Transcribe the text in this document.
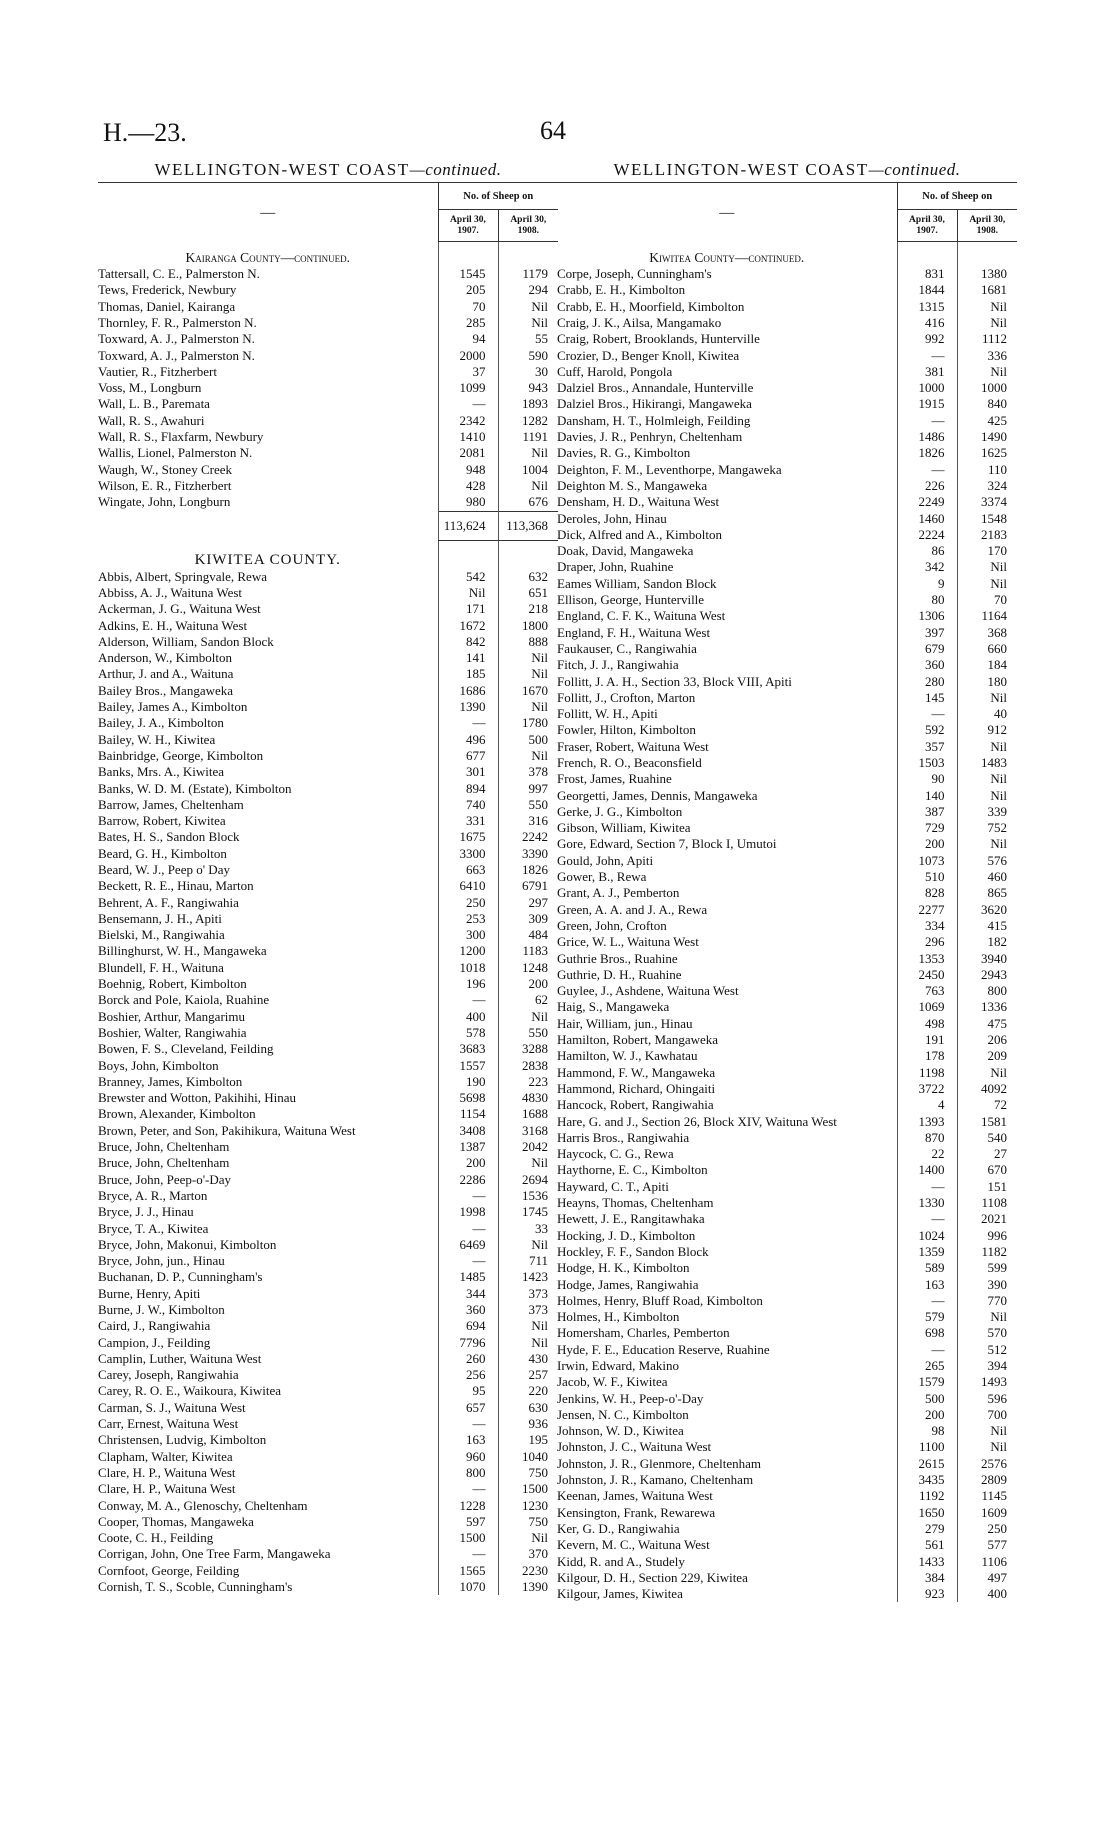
H.—23.	64
WELLINGTON-WEST COAST—continued.
—	No. of Sheep on	
	April 30, 1907.	April 30, 1908.
Kairanga County—continued.		
Tattersall, C. E., Palmerston N.	1545	1179
Tews, Frederick, Newbury	205	294
Thomas, Daniel, Kairanga	70	Nil
Thornley, F. R., Palmerston N.	285	Nil
Toxward, A. J., Palmerston N.	94	55
Toxward, A. J., Palmerston N.	2000	590
Vautier, R., Fitzherbert	37	30
Voss, M., Longburn	1099	943
Wall, L. B., Paremata	—	1893
Wall, R. S., Awahuri	2342	1282
Wall, R. S., Flaxfarm, Newbury	1410	1191
Wallis, Lionel, Palmerston N.	2081	Nil
Waugh, W., Stoney Creek	948	1004
Wilson, E. R., Fitzherbert	428	Nil
Wingate, John, Longburn	980	676
	113,624	113,368
KIWITEA COUNTY.		
Abbis, Albert, Springvale, Rewa	542	632
Abbiss, A. J., Waituna West	Nil	651
Ackerman, J. G., Waituna West	171	218
Adkins, E. H., Waituna West	1672	1800
Alderson, William, Sandon Block	842	888
Anderson, W., Kimbolton	141	Nil
Arthur, J. and A., Waituna	185	Nil
Bailey Bros., Mangaweka	1686	1670
Bailey, James A., Kimbolton	1390	Nil
Bailey, J. A., Kimbolton	—	1780
Bailey, W. H., Kiwitea	496	500
Bainbridge, George, Kimbolton	677	Nil
Banks, Mrs. A., Kiwitea	301	378
Banks, W. D. M. (Estate), Kimbolton	894	997
Barrow, James, Cheltenham	740	550
Barrow, Robert, Kiwitea	331	316
Bates, H. S., Sandon Block	1675	2242
Beard, G. H., Kimbolton	3300	3390
Beard, W. J., Peep o' Day	663	1826
Beckett, R. E., Hinau, Marton	6410	6791
Behrent, A. F., Rangiwahia	250	297
Bensemann, J. H., Apiti	253	309
Bielski, M., Rangiwahia	300	484
Billinghurst, W. H., Mangaweka	1200	1183
Blundell, F. H., Waituna	1018	1248
Boehnig, Robert, Kimbolton	196	200
Borck and Pole, Kaiola, Ruahine	—	62
Boshier, Arthur, Mangarimu	400	Nil
Boshier, Walter, Rangiwahia	578	550
Bowen, F. S., Cleveland, Feilding	3683	3288
Boys, John, Kimbolton	1557	2838
Branney, James, Kimbolton	190	223
Brewster and Wotton, Pakihihi, Hinau	5698	4830
Brown, Alexander, Kimbolton	1154	1688
Brown, Peter, and Son, Pakihikura, Waituna West	3408	3168
Bruce, John, Cheltenham	1387	2042
Bruce, John, Cheltenham	200	Nil
Bruce, John, Peep-o'-Day	2286	2694
Bryce, A. R., Marton	—	1536
Bryce, J. J., Hinau	1998	1745
Bryce, T. A., Kiwitea	—	33
Bryce, John, Makonui, Kimbolton	6469	Nil
Bryce, John, jun., Hinau	—	711
Buchanan, D. P., Cunningham's	1485	1423
Burne, Henry, Apiti	344	373
Burne, J. W., Kimbolton	360	373
Caird, J., Rangiwahia	694	Nil
Campion, J., Feilding	7796	Nil
Camplin, Luther, Waituna West	260	430
Carey, Joseph, Rangiwahia	256	257
Carey, R. O. E., Waikoura, Kiwitea	95	220
Carman, S. J., Waituna West	657	630
Carr, Ernest, Waituna West	—	936
Christensen, Ludvig, Kimbolton	163	195
Clapham, Walter, Kiwitea	960	1040
Clare, H. P., Waituna West	800	750
Clare, H. P., Waituna West	—	1500
Conway, M. A., Glenoschy, Cheltenham	1228	1230
Cooper, Thomas, Mangaweka	597	750
Coote, C. H., Feilding	1500	Nil
Corrigan, John, One Tree Farm, Mangaweka	—	370
Cornfoot, George, Feilding	1565	2230
Cornish, T. S., Scoble, Cunningham's	1070	1390
WELLINGTON-WEST COAST—continued.
—	No. of Sheep on	
	April 30, 1907.	April 30, 1908.
Kiwitea County—continued.		
Corpe, Joseph, Cunningham's	831	1380
Crabb, E. H., Kimbolton	1844	1681
Crabb, E. H., Moorfield, Kimbolton	1315	Nil
Craig, J. K., Ailsa, Mangamako	416	Nil
Craig, Robert, Brooklands, Hunterville	992	1112
Crozier, D., Benger Knoll, Kiwitea	—	336
Cuff, Harold, Pongola	381	Nil
Dalziel Bros., Annandale, Hunterville	1000	1000
Dalziel Bros., Hikirangi, Mangaweka	1915	840
Dansham, H. T., Holmleigh, Feilding	—	425
Davies, J. R., Penhryn, Cheltenham	1486	1490
Davies, R. G., Kimbolton	1826	1625
Deighton, F. M., Leventhorpe, Mangaweka	—	110
Deighton M. S., Mangaweka	226	324
Densham, H. D., Waituna West	2249	3374
Deroles, John, Hinau	1460	1548
Dick, Alfred and A., Kimbolton	2224	2183
Doak, David, Mangaweka	86	170
Draper, John, Ruahine	342	Nil
Eames William, Sandon Block	9	Nil
Ellison, George, Hunterville	80	70
England, C. F. K., Waituna West	1306	1164
England, F. H., Waituna West	397	368
Faukauser, C., Rangiwahia	679	660
Fitch, J. J., Rangiwahia	360	184
Follitt, J. A. H., Section 33, Block VIII, Apiti	280	180
Follitt, J., Crofton, Marton	145	Nil
Follitt, W. H., Apiti	—	40
Fowler, Hilton, Kimbolton	592	912
Fraser, Robert, Waituna West	357	Nil
French, R. O., Beaconsfield	1503	1483
Frost, James, Ruahine	90	Nil
Georgetti, James, Dennis, Mangaweka	140	Nil
Gerke, J. G., Kimbolton	387	339
Gibson, William, Kiwitea	729	752
Gore, Edward, Section 7, Block I, Umutoi	200	Nil
Gould, John, Apiti	1073	576
Gower, B., Rewa	510	460
Grant, A. J., Pemberton	828	865
Green, A. A. and J. A., Rewa	2277	3620
Green, John, Crofton	334	415
Grice, W. L., Waituna West	296	182
Guthrie Bros., Ruahine	1353	3940
Guthrie, D. H., Ruahine	2450	2943
Guylee, J., Ashdene, Waituna West	763	800
Haig, S., Mangaweka	1069	1336
Hair, William, jun., Hinau	498	475
Hamilton, Robert, Mangaweka	191	206
Hamilton, W. J., Kawhatau	178	209
Hammond, F. W., Mangaweka	1198	Nil
Hammond, Richard, Ohingaiti	3722	4092
Hancock, Robert, Rangiwahia	4	72
Hare, G. and J., Section 26, Block XIV, Waituna West	1393	1581
Harris Bros., Rangiwahia	870	540
Haycock, C. G., Rewa	22	27
Haythorne, E. C., Kimbolton	1400	670
Hayward, C. T., Apiti	—	151
Heayns, Thomas, Cheltenham	1330	1108
Hewett, J. E., Rangitawhaka	—	2021
Hocking, J. D., Kimbolton	1024	996
Hockley, F. F., Sandon Block	1359	1182
Hodge, H. K., Kimbolton	589	599
Hodge, James, Rangiwahia	163	390
Holmes, Henry, Bluff Road, Kimbolton	—	770
Holmes, H., Kimbolton	579	Nil
Homersham, Charles, Pemberton	698	570
Hyde, F. E., Education Reserve, Ruahine	—	512
Irwin, Edward, Makino	265	394
Jacob, W. F., Kiwitea	1579	1493
Jenkins, W. H., Peep-o'-Day	500	596
Jensen, N. C., Kimbolton	200	700
Johnson, W. D., Kiwitea	98	Nil
Johnston, J. C., Waituna West	1100	Nil
Johnston, J. R., Glenmore, Cheltenham	2615	2576
Johnston, J. R., Kamano, Cheltenham	3435	2809
Keenan, James, Waituna West	1192	1145
Kensington, Frank, Rewarewa	1650	1609
Ker, G. D., Rangiwahia	279	250
Kevern, M. C., Waituna West	561	577
Kidd, R. and A., Studely	1433	1106
Kilgour, D. H., Section 229, Kiwitea	384	497
Kilgour, James, Kiwitea	923	400
